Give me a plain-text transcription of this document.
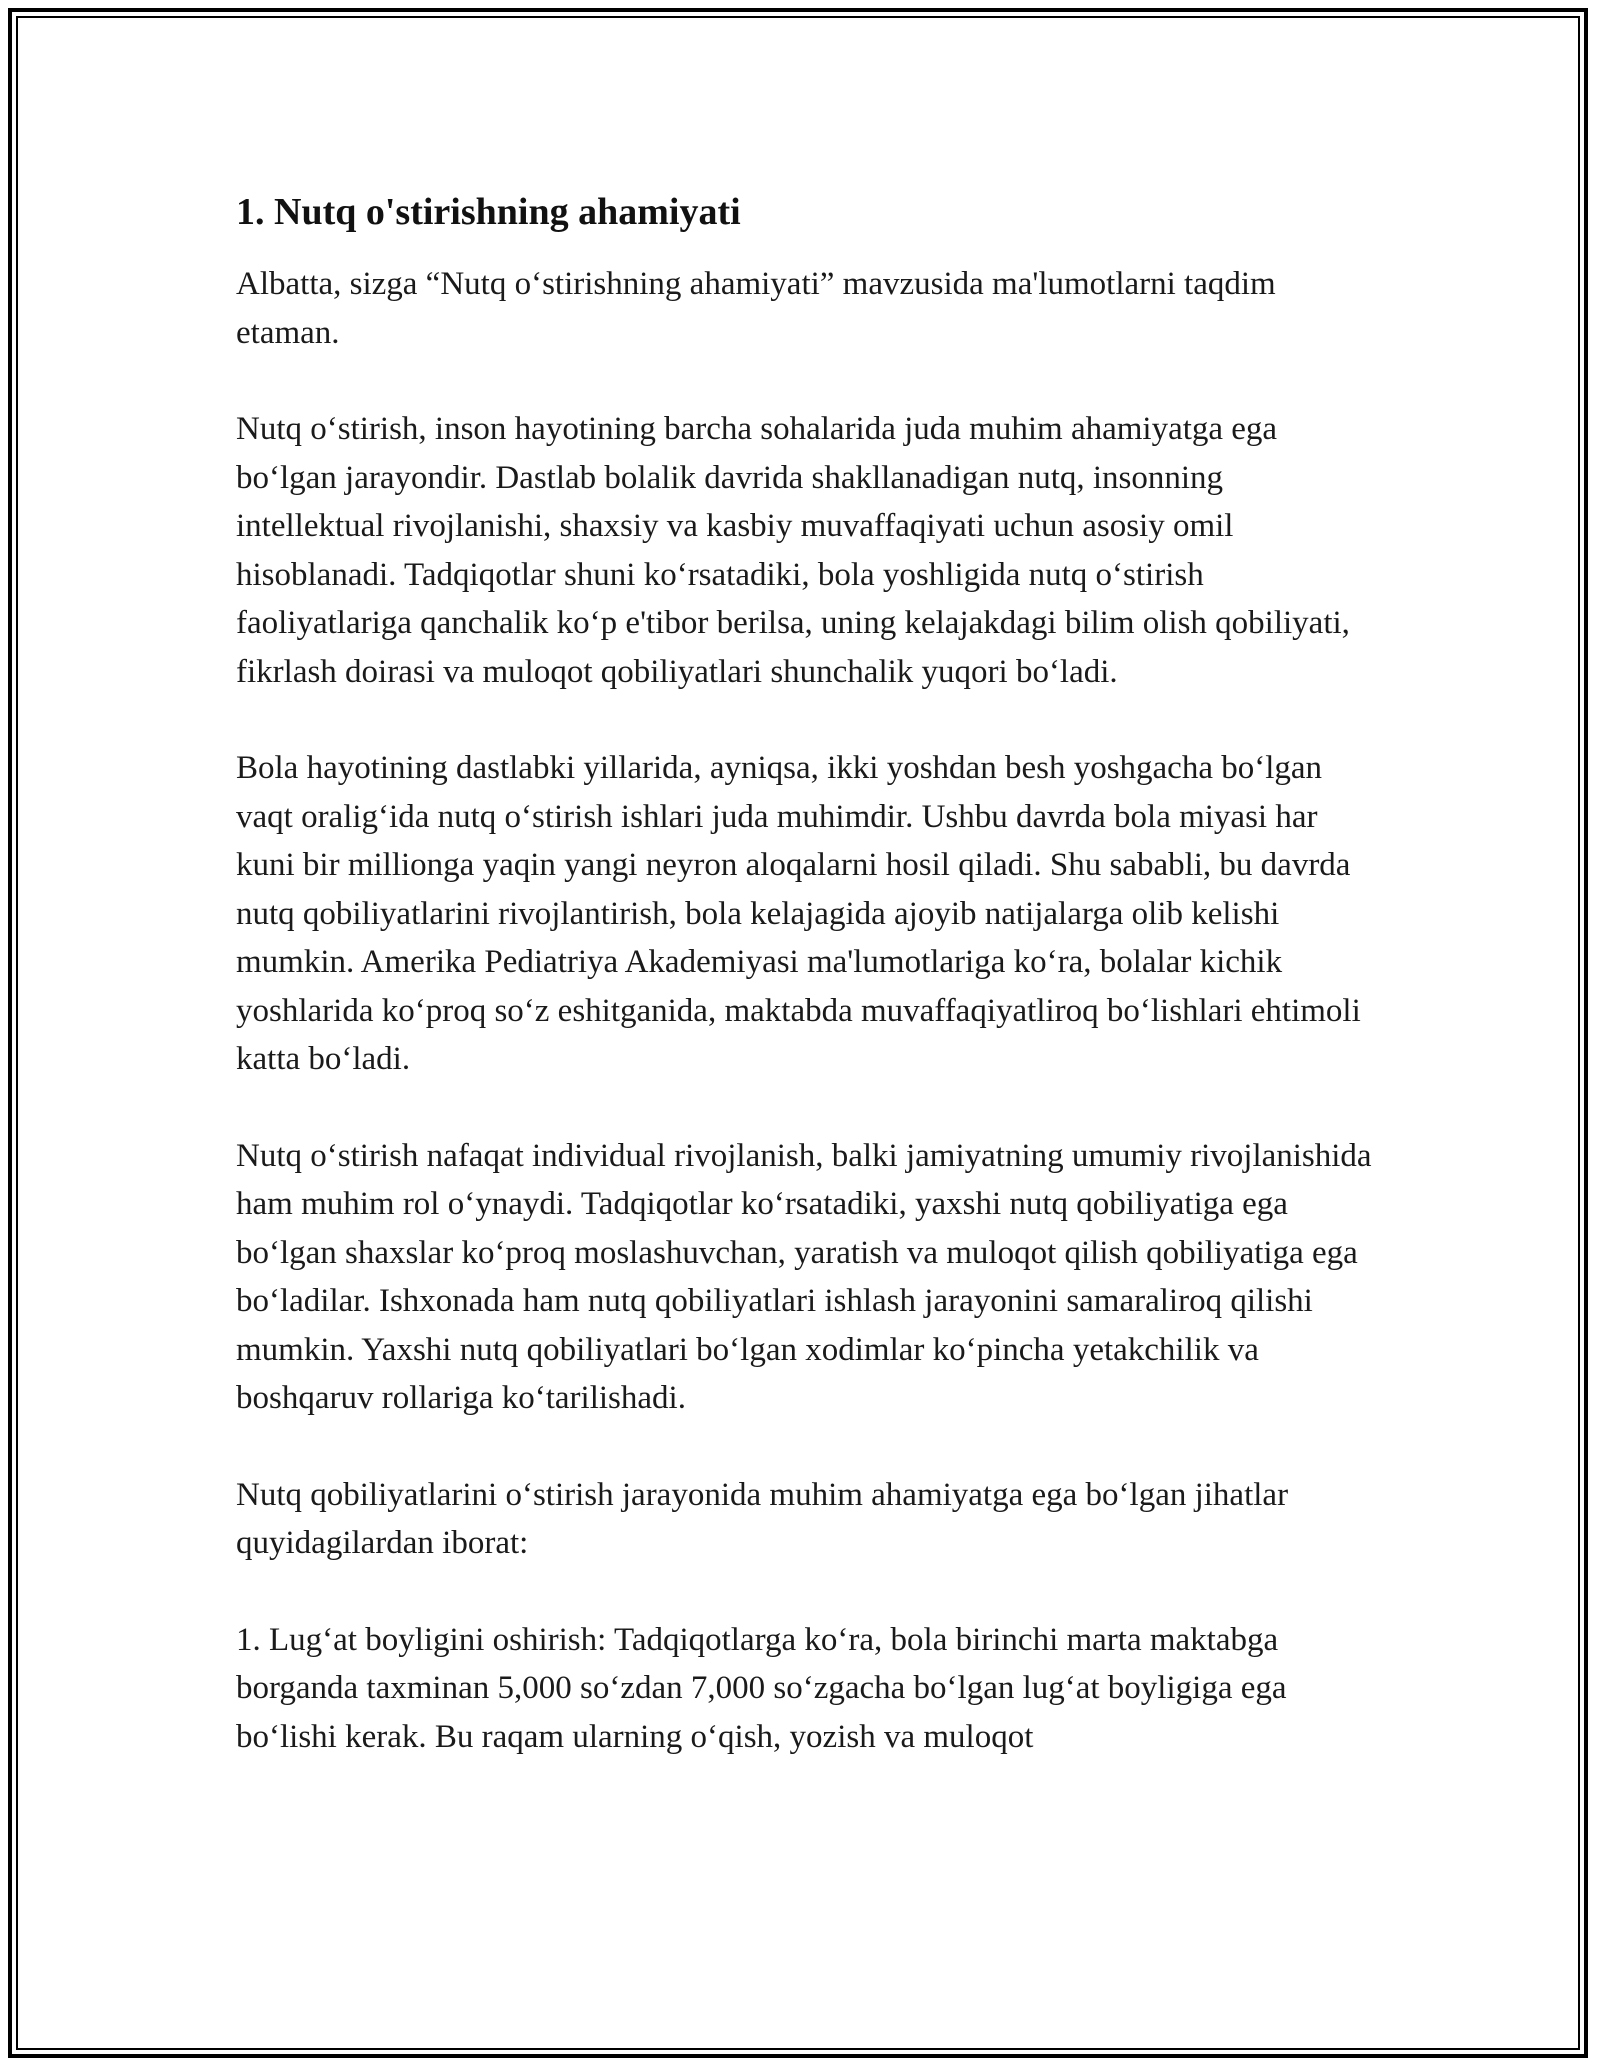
1. Nutq o'stirishning ahamiyati

Albatta, sizga “Nutq oʻstirishning ahamiyati” mavzusida ma'lumotlarni taqdim etaman.

Nutq oʻstirish, inson hayotining barcha sohalarida juda muhim ahamiyatga ega boʻlgan jarayondir. Dastlab bolalik davrida shakllanadigan nutq, insonning intellektual rivojlanishi, shaxsiy va kasbiy muvaffaqiyati uchun asosiy omil hisoblanadi. Tadqiqotlar shuni koʻrsatadiki, bola yoshligida nutq oʻstirish faoliyatlariga qanchalik koʻp e'tibor berilsa, uning kelajakdagi bilim olish qobiliyati, fikrlash doirasi va muloqot qobiliyatlari shunchalik yuqori boʻladi.

Bola hayotining dastlabki yillarida, ayniqsa, ikki yoshdan besh yoshgacha boʻlgan vaqt oraligʻida nutq oʻstirish ishlari juda muhimdir. Ushbu davrda bola miyasi har kuni bir millionga yaqin yangi neyron aloqalarni hosil qiladi. Shu sababli, bu davrda nutq qobiliyatlarini rivojlantirish, bola kelajagida ajoyib natijalarga olib kelishi mumkin. Amerika Pediatriya Akademiyasi ma'lumotlariga koʻra, bolalar kichik yoshlarida koʻproq soʻz eshitganida, maktabda muvaffaqiyatliroq boʻlishlari ehtimoli katta boʻladi.

Nutq oʻstirish nafaqat individual rivojlanish, balki jamiyatning umumiy rivojlanishida ham muhim rol oʻynaydi. Tadqiqotlar koʻrsatadiki, yaxshi nutq qobiliyatiga ega boʻlgan shaxslar koʻproq moslashuvchan, yaratish va muloqot qilish qobiliyatiga ega boʻladilar. Ishxonada ham nutq qobiliyatlari ishlash jarayonini samaraliroq qilishi mumkin. Yaxshi nutq qobiliyatlari boʻlgan xodimlar koʻpincha yetakchilik va boshqaruv rollariga koʻtarilishadi.

Nutq qobiliyatlarini oʻstirish jarayonida muhim ahamiyatga ega boʻlgan jihatlar quyidagilardan iborat:

1. Lugʻat boyligini oshirish: Tadqiqotlarga koʻra, bola birinchi marta maktabga borganda taxminan 5,000 soʻzdan 7,000 soʻzgacha boʻlgan lugʻat boyligiga ega boʻlishi kerak. Bu raqam ularning oʻqish, yozish va muloqot
